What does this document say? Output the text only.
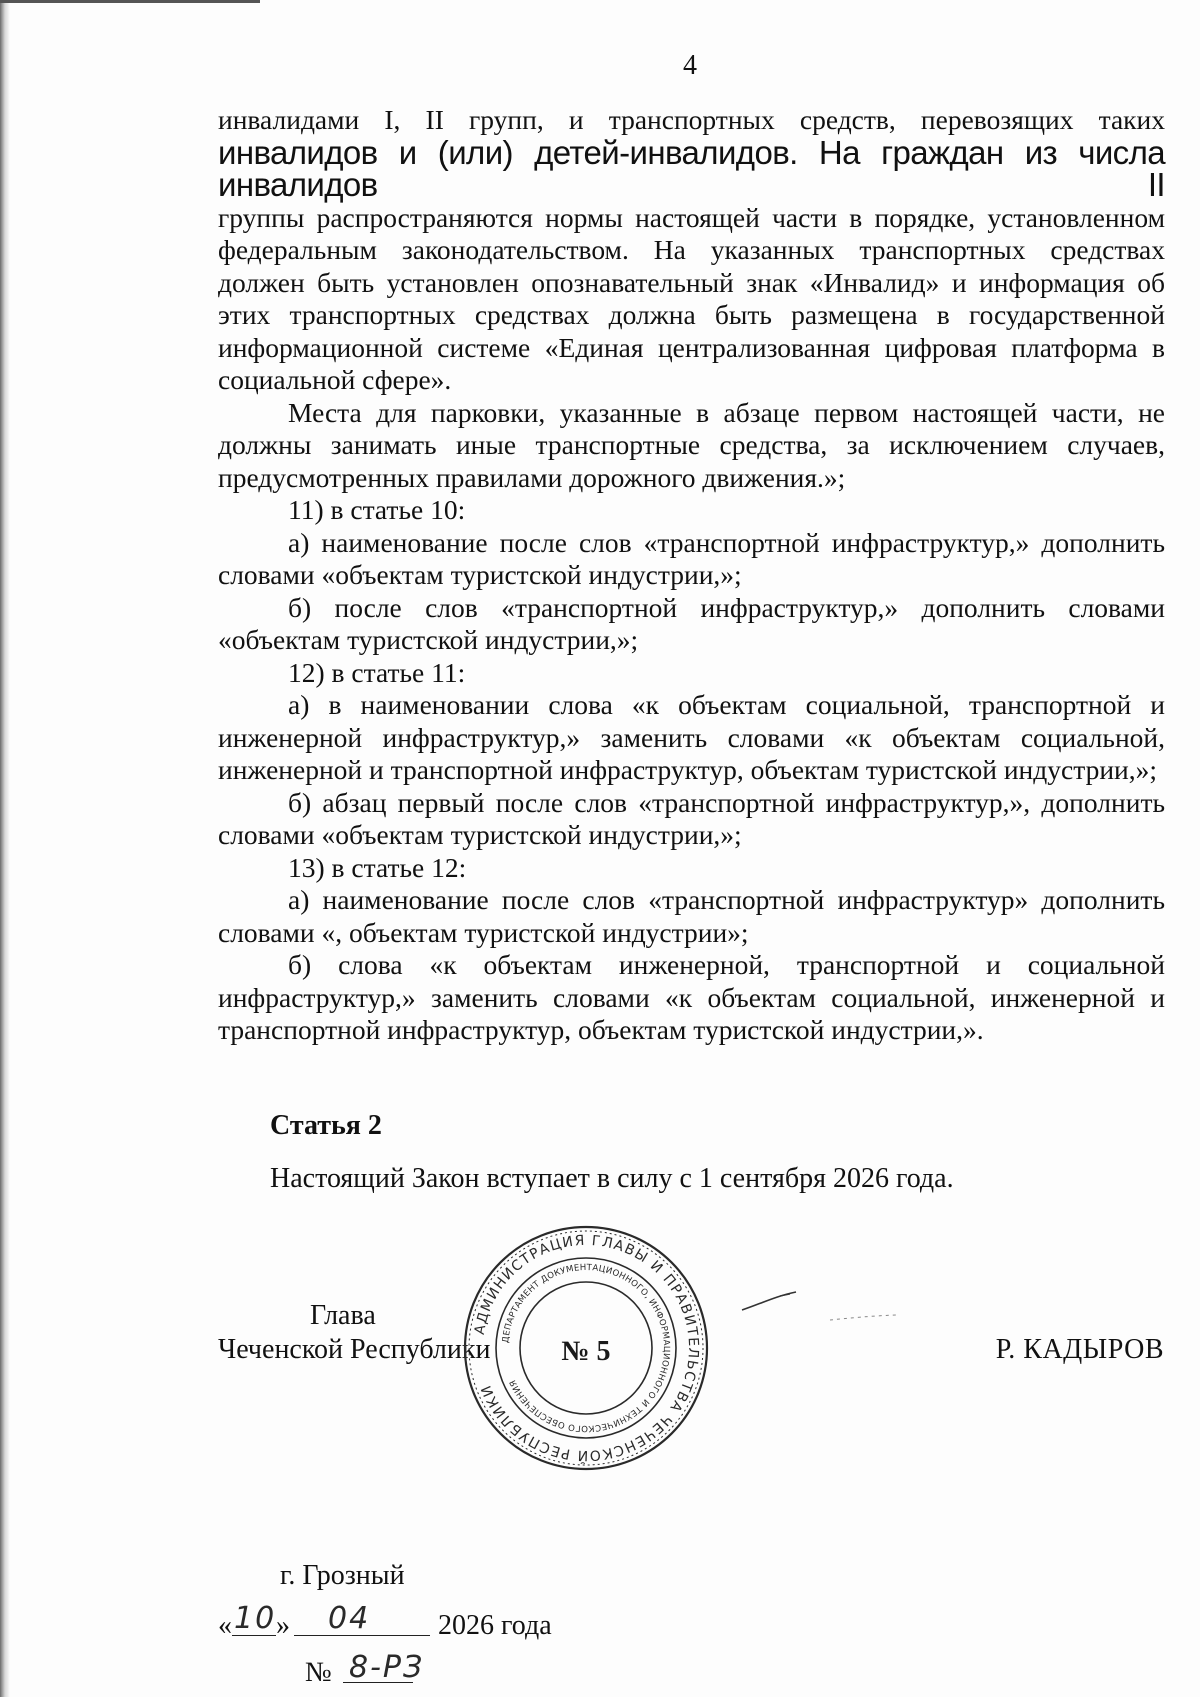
4

инвалидами I, II групп, и транспортных средств, перевозящих таких

инвалидов и (или) детей-инвалидов. На граждан из числа инвалидов II

группы распространяются нормы настоящей части в порядке, установленном федеральным законодательством. На указанных транспортных средствах должен быть установлен опознавательный знак «Инвалид» и информация об этих транспортных средствах должна быть размещена в государственной информационной системе «Единая централизованная цифровая платформа в социальной сфере».

Места для парковки, указанные в абзаце первом настоящей части, не должны занимать иные транспортные средства, за исключением случаев, предусмотренных правилами дорожного движения.»;

11) в статье 10:

а) наименование после слов «транспортной инфраструктур,» дополнить словами «объектам туристской индустрии,»;

б) после слов «транспортной инфраструктур,» дополнить словами «объектам туристской индустрии,»;

12) в статье 11:

а) в наименовании слова «к объектам социальной, транспортной и инженерной инфраструктур,» заменить словами «к объектам социальной, инженерной и транспортной инфраструктур, объектам туристской индустрии,»;

б) абзац первый после слов «транспортной инфраструктур,», дополнить словами «объектам туристской индустрии,»;

13) в статье 12:

а) наименование после слов «транспортной инфраструктур» дополнить словами «, объектам туристской индустрии»;

б) слова «к объектам инженерной, транспортной и социальной инфраструктур,» заменить словами «к объектам социальной, инженерной и транспортной инфраструктур, объектам туристской индустрии,».

Статья 2
Настоящий Закон вступает в силу с 1 сентября 2026 года.
Глава
Чеченской Республики	Р. КАДЫРОВ
АДМИНИСТРАЦИЯ ГЛАВЫ И ПРАВИТЕЛЬСТВА ЧЕЧЕНСКОЙ РЕСПУБЛИКИ
ДЕПАРТАМЕНТ ДОКУМЕНТАЦИОННОГО, ИНФОРМАЦИОННОГО И ТЕХНИЧЕСКОГО ОБЕСПЕЧЕНИЯ
№ 5
г. Грозный
« 10 » 04 2026 года
№ 8-РЗ
